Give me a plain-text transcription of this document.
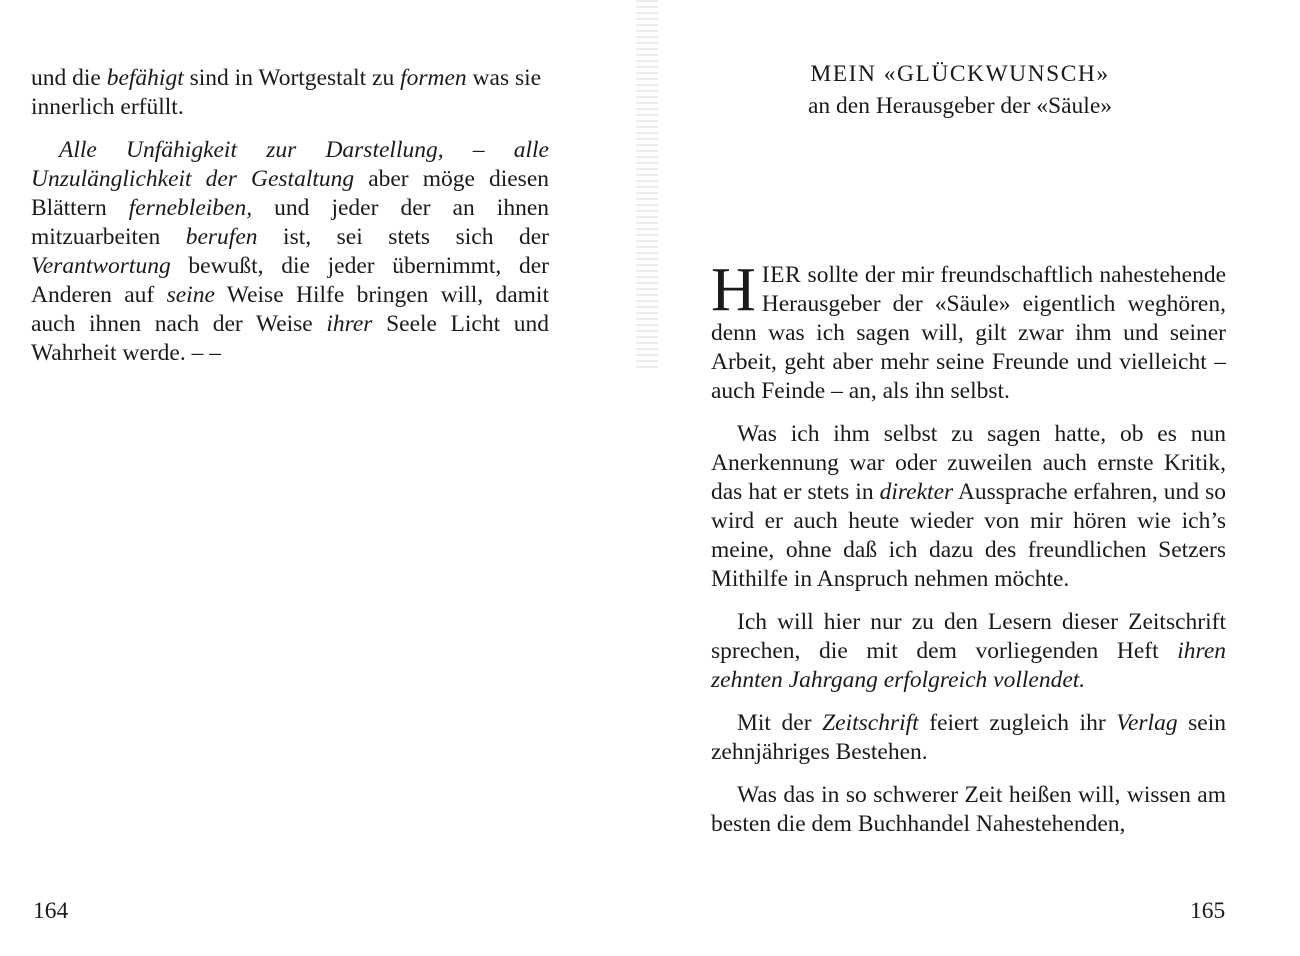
und die befähigt sind in Wortgestalt zu formen was sie innerlich erfüllt.

Alle Unfähigkeit zur Darstellung, – alle Unzulänglichkeit der Gestaltung aber möge diesen Blättern fernebleiben, und jeder der an ihnen mitzuarbeiten berufen ist, sei stets sich der Verantwortung bewußt, die jeder übernimmt, der Anderen auf seine Weise Hilfe bringen will, damit auch ihnen nach der Weise ihrer Seele Licht und Wahrheit werde. – –

164
MEIN «GLÜCKWUNSCH»
an den Herausgeber der «Säule»

HIER sollte der mir freundschaftlich nahestehende Herausgeber der «Säule» eigentlich weghören, denn was ich sagen will, gilt zwar ihm und seiner Arbeit, geht aber mehr seine Freunde und vielleicht – auch Feinde – an, als ihn selbst.

Was ich ihm selbst zu sagen hatte, ob es nun Anerkennung war oder zuweilen auch ernste Kritik, das hat er stets in direkter Aussprache erfahren, und so wird er auch heute wieder von mir hören wie ich’s meine, ohne daß ich dazu des freundlichen Setzers Mithilfe in Anspruch nehmen möchte.

Ich will hier nur zu den Lesern dieser Zeitschrift sprechen, die mit dem vorliegenden Heft ihren zehnten Jahrgang erfolgreich vollendet.

Mit der Zeitschrift feiert zugleich ihr Verlag sein zehnjähriges Bestehen.

Was das in so schwerer Zeit heißen will, wissen am besten die dem Buchhandel Nahestehenden,

165
